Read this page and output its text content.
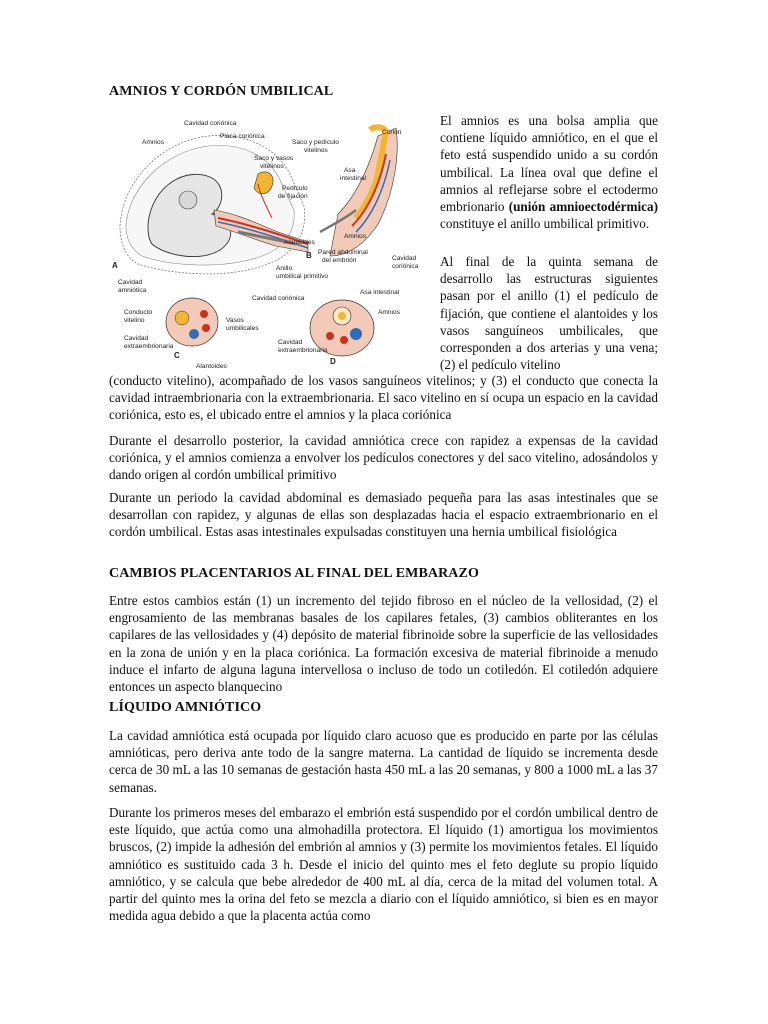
AMNIOS Y CORDÓN UMBILICAL
A
Cavidad coriónica
Placa coriónica
Amnios
Saco y vasos
vitelinos
Pedículo
de fijación
Cavidad
amniótica
Anillo
umbilical primitivo
Cavidad coriónica
B
Saco y pedículo
vitelinos
Corion
Asa
intestinal
Alantoides
Amnios
Pared abdominal
del embrión	Cavidad
coriónica
C
Conducto
vitelino	Vasos
umbilicales
Cavidad
extraembrionaria
Alantoides
D
Asa intestinal
Amnios
Cavidad
extraembrionaria

El amnios es una bolsa amplia que contiene líquido amniótico, en el que el feto está suspendido unido a su cordón umbilical. La línea oval que define el amnios al reflejarse sobre el ectodermo embrionario (unión amnioectodérmica) constituye el anillo umbilical primitivo.

Al final de la quinta semana de desarrollo las estructuras siguientes pasan por el anillo (1) el pedículo de fijación, que contiene el alantoides y los vasos sanguíneos umbilicales, que corresponden a dos arterias y una vena; (2) el pedículo vitelino

(conducto vitelino), acompañado de los vasos sanguíneos vitelinos; y (3) el conducto que conecta la cavidad intraembrionaria con la extraembrionaria. El saco vitelino en sí ocupa un espacio en la cavidad coriónica, esto es, el ubicado entre el amnios y la placa coriónica

Durante el desarrollo posterior, la cavidad amniótica crece con rapidez a expensas de la cavidad coriónica, y el amnios comienza a envolver los pedículos conectores y del saco vitelino, adosándolos y dando origen al cordón umbilical primitivo

Durante un periodo la cavidad abdominal es demasiado pequeña para las asas intestinales que se desarrollan con rapidez, y algunas de ellas son desplazadas hacia el espacio extraembrionario en el cordón umbilical. Estas asas intestinales expulsadas constituyen una hernia umbilical fisiológica

CAMBIOS PLACENTARIOS AL FINAL DEL EMBARAZO

Entre estos cambios están (1) un incremento del tejido fibroso en el núcleo de la vellosidad, (2) el engrosamiento de las membranas basales de los capilares fetales, (3) cambios obliterantes en los capilares de las vellosidades y (4) depósito de material fibrinoide sobre la superficie de las vellosidades en la zona de unión y en la placa coriónica. La formación excesiva de material fibrinoide a menudo induce el infarto de alguna laguna intervellosa o incluso de todo un cotiledón. El cotiledón adquiere entonces un aspecto blanquecino

LÍQUIDO AMNIÓTICO

La cavidad amniótica está ocupada por líquido claro acuoso que es producido en parte por las células amnióticas, pero deriva ante todo de la sangre materna. La cantidad de líquido se incrementa desde cerca de 30 mL a las 10 semanas de gestación hasta 450 mL a las 20 semanas, y 800 a 1000 mL a las 37 semanas.

Durante los primeros meses del embarazo el embrión está suspendido por el cordón umbilical dentro de este líquido, que actúa como una almohadilla protectora. El líquido (1) amortigua los movimientos bruscos, (2) impide la adhesión del embrión al amnios y (3) permite los movimientos fetales. El líquido amniótico es sustituido cada 3 h. Desde el inicio del quinto mes el feto deglute su propio líquido amniótico, y se calcula que bebe alrededor de 400 mL al día, cerca de la mitad del volumen total. A partir del quinto mes la orina del feto se mezcla a diario con el líquido amniótico, si bien es en mayor medida agua debido a que la placenta actúa como
